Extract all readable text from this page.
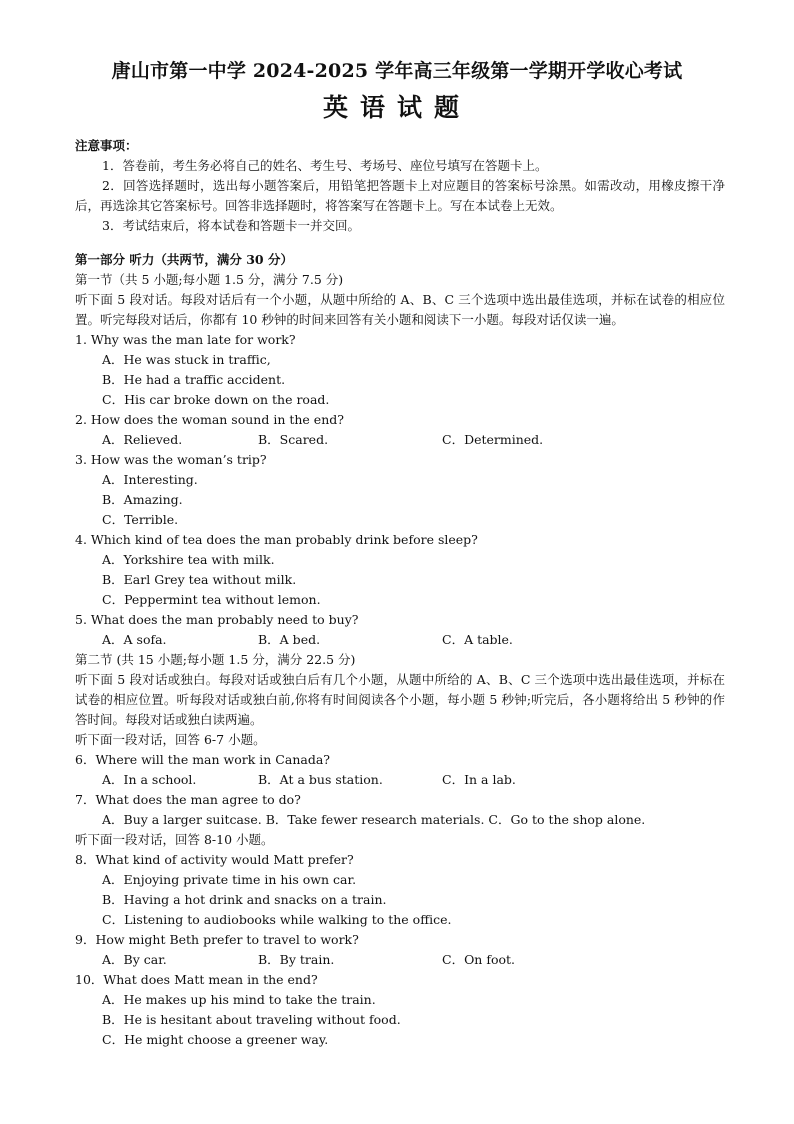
唐山市第一中学 2024-2025 学年高三年级第一学期开学收心考试
英语试题
注意事项：
1．答卷前，考生务必将自己的姓名、考生号、考场号、座位号填写在答题卡上。
2．回答选择题时，选出每小题答案后，用铅笔把答题卡上对应题目的答案标号涂黑。如需改动，用橡皮擦干净后，再选涂其它答案标号。回答非选择题时，将答案写在答题卡上。写在本试卷上无效。
3．考试结束后，将本试卷和答题卡一并交回。
第一部分 听力（共两节，满分 30 分）
第一节（共 5 小题;每小题 1.5 分，满分 7.5 分)
听下面 5 段对话。每段对话后有一个小题，从题中所给的 A、B、C 三个选项中选出最佳选项，并标在试卷的相应位置。听完每段对话后，你都有 10 秒钟的时间来回答有关小题和阅读下一小题。每段对话仅读一遍。
1. Why was the man late for work?
A．He was stuck in traffic,
B．He had a traffic accident.
C．His car broke down on the road.
2. How does the woman sound in the end?
A．Relieved.	B．Scared.	C．Determined.
3. How was the woman’s trip?
A．Interesting.
B．Amazing.
C．Terrible.
4. Which kind of tea does the man probably drink before sleep?
A．Yorkshire tea with milk.
B．Earl Grey tea without milk.
C．Peppermint tea without lemon.
5. What does the man probably need to buy?
A．A sofa.	B．A bed.	C．A table.
第二节 (共 15 小题;每小题 1.5 分，满分 22.5 分)
听下面 5 段对话或独白。每段对话或独白后有几个小题，从题中所给的 A、B、C 三个选项中选出最佳选项，并标在试卷的相应位置。听每段对话或独白前,你将有时间阅读各个小题，每小题 5 秒钟;听完后，各小题将给出 5 秒钟的作答时间。每段对话或独白读两遍。
听下面一段对话，回答 6-7 小题。
6．Where will the man work in Canada?
A．In a school.	B．At a bus station.	C．In a lab.
7．What does the man agree to do?
A．Buy a larger suitcase. B．Take fewer research materials. C．Go to the shop alone.
听下面一段对话，回答 8-10 小题。
8．What kind of activity would Matt prefer?
A．Enjoying private time in his own car.
B．Having a hot drink and snacks on a train.
C．Listening to audiobooks while walking to the office.
9．How might Beth prefer to travel to work?
A．By car.	B．By train.	C．On foot.
10．What does Matt mean in the end?
A．He makes up his mind to take the train.
B．He is hesitant about traveling without food.
C．He might choose a greener way.
